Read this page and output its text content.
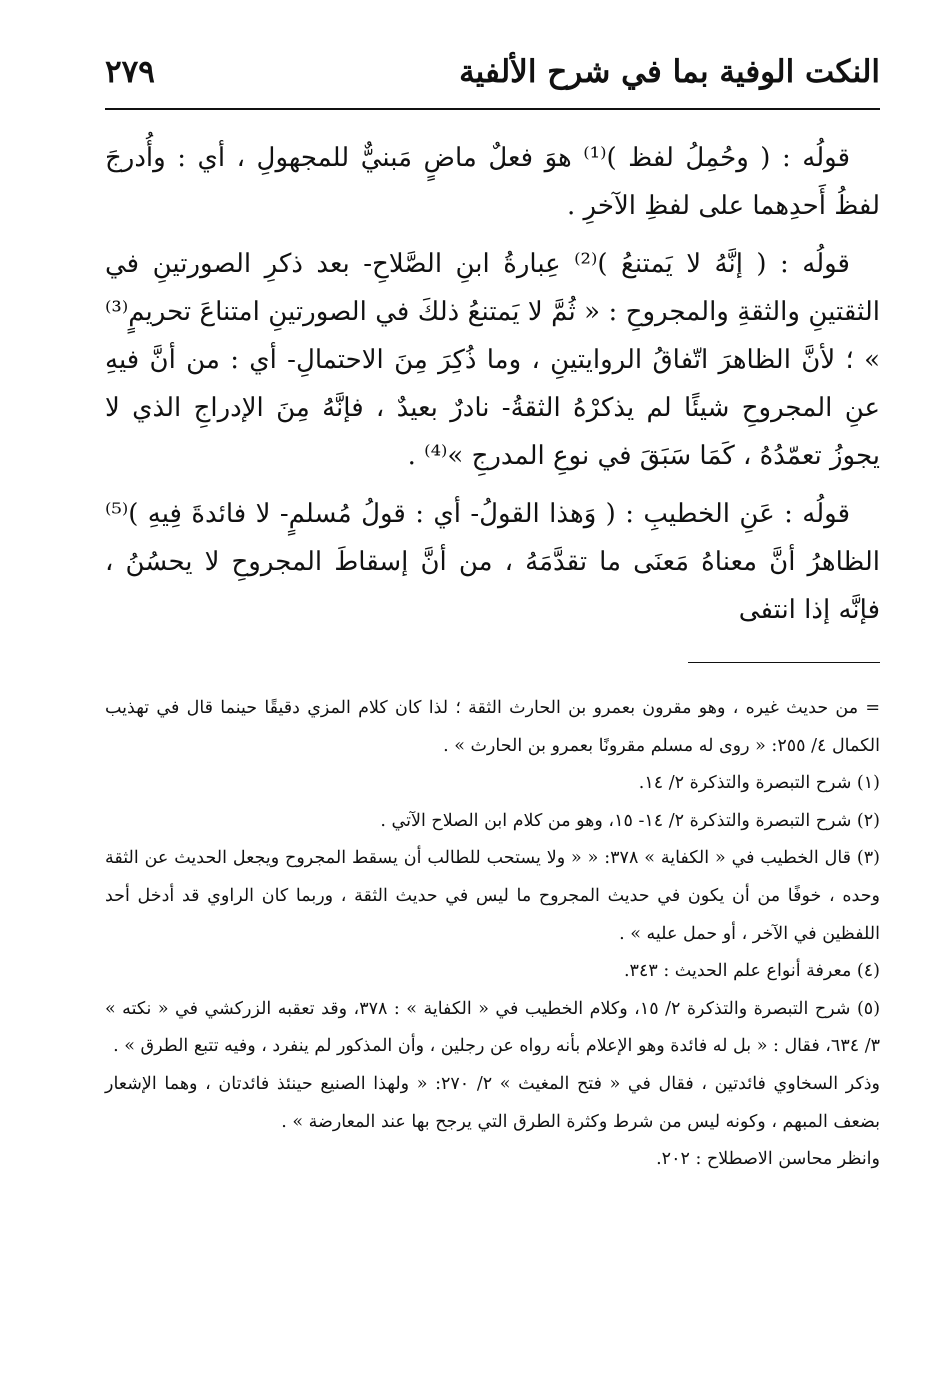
النكت الوفية بما في شرح الألفية
٢٧٩

قولُه : ( وحُمِلُ لفظ )⁽¹⁾ هوَ فعلٌ ماضٍ مَبنيٌّ للمجهولِ ، أي : وأُدرجَ لفظُ أَحدِهما على لفظِ الآخرِ .

قولُه : ( إنَّهُ لا يَمتنعُ )⁽²⁾ عِبارةُ ابنِ الصَّلاحِ- بعد ذكرِ الصورتينِ في الثقتينِ والثقةِ والمجروحِ : « ثُمَّ لا يَمتنعُ ذلكَ في الصورتينِ امتناعَ تحريمٍ⁽³⁾ » ؛ لأنَّ الظاهرَ اتّفاقُ الروايتينِ ، وما ذُكِرَ مِنَ الاحتمالِ- أي : من أنَّ فيهِ عنِ المجروحِ شيئًا لم يذكرْهُ الثقةُ- نادرٌ بعيدٌ ، فإنَّهُ مِنَ الإدراجِ الذي لا يجوزُ تعمّدُهُ ، كَمَا سَبَقَ في نوعِ المدرجِ »⁽⁴⁾ .

قولُه : عَنِ الخطيبِ : ( وَهذا القولُ- أي : قولُ مُسلمٍ- لا فائدةَ فِيهِ )⁽⁵⁾ الظاهرُ أنَّ معناهُ مَعنَى ما تقدَّمَهُ ، من أنَّ إسقاطَ المجروحِ لا يحسُنُ ، فإنَّه إذا انتفى

= من حديث غيره ، وهو مقرون بعمرو بن الحارث الثقة ؛ لذا كان كلام المزي دقيقًا حينما قال في تهذيب الكمال ٤/ ٢٥٥: « روى له مسلم مقرونًا بعمرو بن الحارث » .

(١) شرح التبصرة والتذكرة ٢/ ١٤.

(٢) شرح التبصرة والتذكرة ٢/ ١٤- ١٥، وهو من كلام ابن الصلاح الآتي .

(٣) قال الخطيب في « الكفاية » ٣٧٨: « « ولا يستحب للطالب أن يسقط المجروح ويجعل الحديث عن الثقة وحده ، خوفًا من أن يكون في حديث المجروح ما ليس في حديث الثقة ، وربما كان الراوي قد أدخل أحد اللفظين في الآخر ، أو حمل عليه » .

(٤) معرفة أنواع علم الحديث : ٣٤٣.

(٥) شرح التبصرة والتذكرة ٢/ ١٥، وكلام الخطيب في « الكفاية » : ٣٧٨، وقد تعقبه الزركشي في « نكته » ٣/ ٦٣٤، فقال : « بل له فائدة وهو الإعلام بأنه رواه عن رجلين ، وأن المذكور لم ينفرد ، وفيه تتبع الطرق » .

وذكر السخاوي فائدتين ، فقال في « فتح المغيث » ٢/ ٢٧٠: « ولهذا الصنيع حينئذ فائدتان ، وهما الإشعار بضعف المبهم ، وكونه ليس من شرط وكثرة الطرق التي يرجح بها عند المعارضة » .

وانظر محاسن الاصطلاح : ٢٠٢.
